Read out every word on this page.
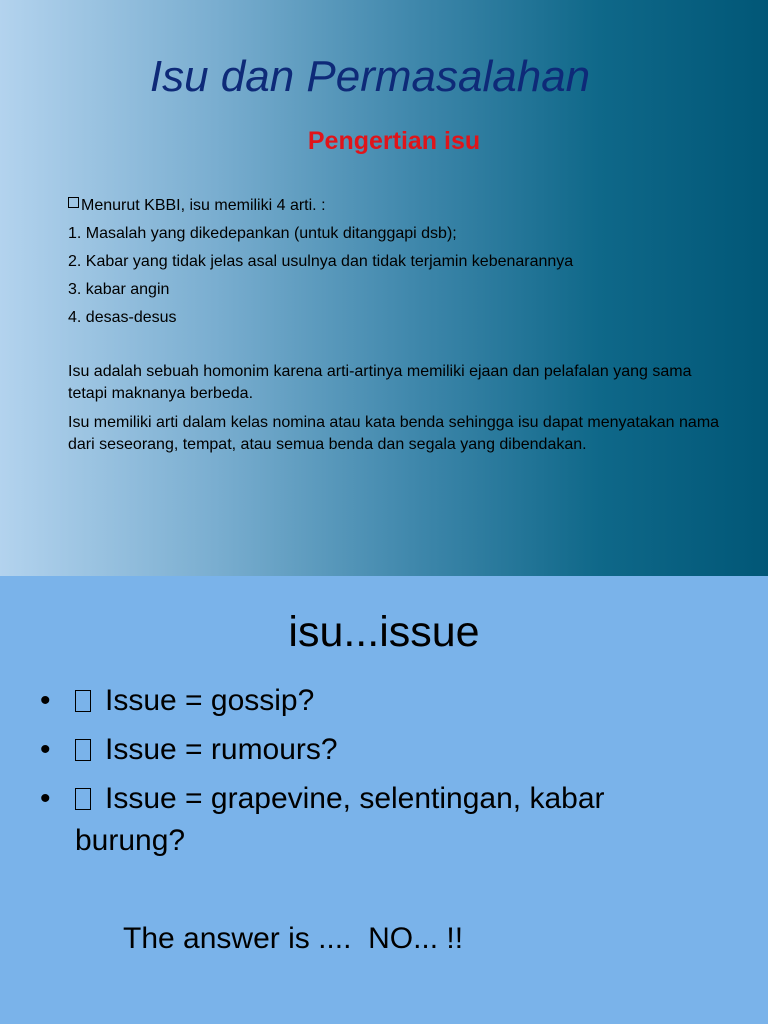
Isu dan Permasalahan
Pengertian isu
Menurut KBBI, isu memiliki 4 arti. :
1. Masalah yang dikedepankan (untuk ditanggapi dsb);
2. Kabar yang tidak jelas asal usulnya dan tidak terjamin kebenarannya
3. kabar angin
4. desas-desus

Isu adalah sebuah homonim karena arti-artinya memiliki ejaan dan pelafalan yang sama tetapi maknanya berbeda.

Isu memiliki arti dalam kelas nomina atau kata benda sehingga isu dapat menyatakan nama dari seseorang, tempat, atau semua benda dan segala yang dibendakan.

isu...issue
• Issue = gossip?
• Issue = rumours?
• Issue = grapevine, selentingan, kabar burung?
The answer is ....  NO... !!
